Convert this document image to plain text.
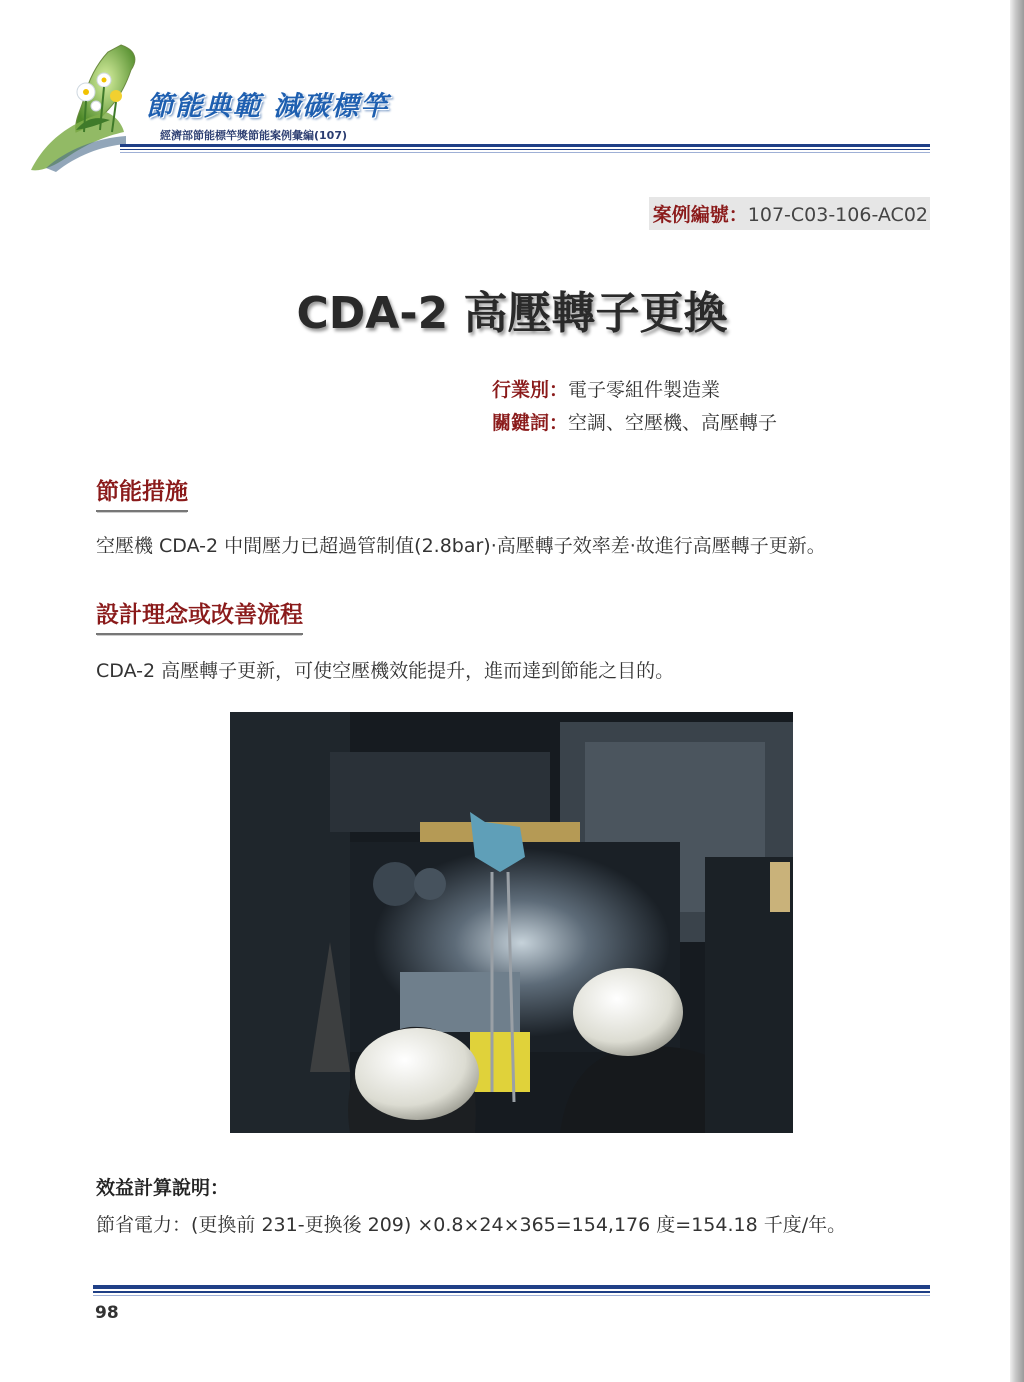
節能典範 減碳標竿
經濟部節能標竿獎節能案例彙編(107)
案例編號：107-C03-106-AC02
CDA-2 高壓轉子更換
行業別：電子零組件製造業
關鍵詞：空調、空壓機、高壓轉子
節能措施
空壓機 CDA-2 中間壓力已超過管制值(2.8bar)·高壓轉子效率差·故進行高壓轉子更新。
設計理念或改善流程
CDA-2 高壓轉子更新，可使空壓機效能提升，進而達到節能之目的。
效益計算說明：
節省電力：(更換前 231-更換後 209) ×0.8×24×365=154,176 度=154.18 千度/年。
98
